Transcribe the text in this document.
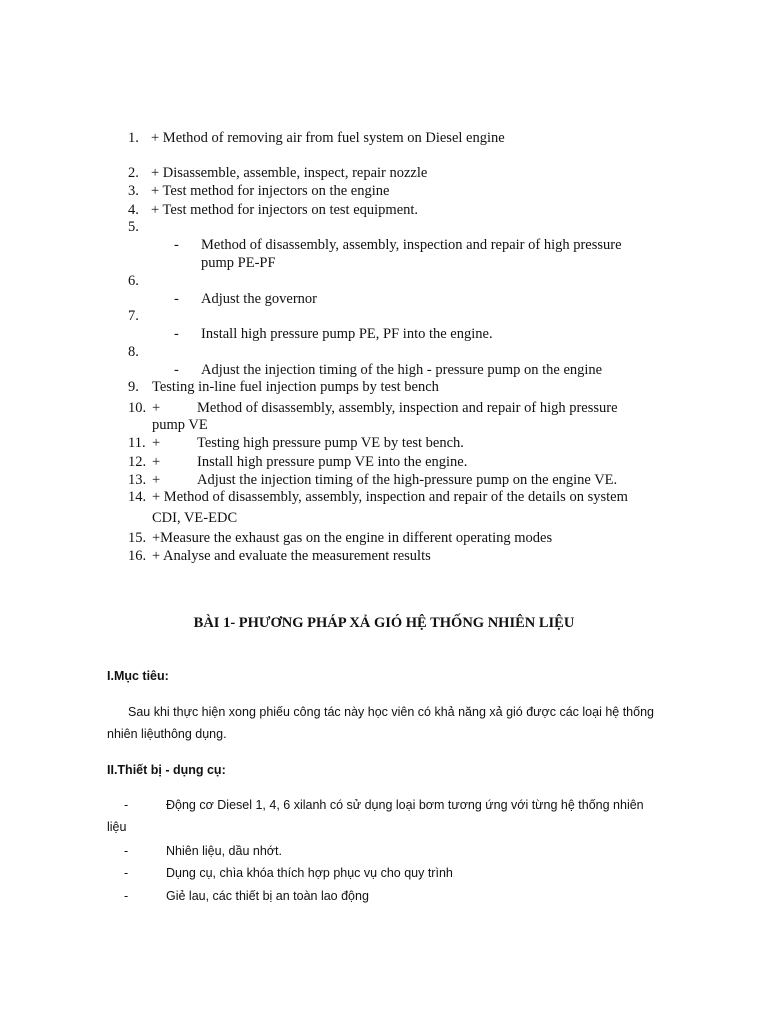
1. + Method of removing air from fuel system on Diesel engine
2. + Disassemble, assemble, inspect, repair nozzle
3. + Test method for injectors on the engine
4. + Test method for injectors on test equipment.
5.
- Method of disassembly, assembly, inspection and repair of high pressure
pump PE-PF
6.
- Adjust the governor
7.
- Install high pressure pump PE, PF into the engine.
8.
- Adjust the injection timing of the high - pressure pump on the engine
9. Testing in-line fuel injection pumps by test bench
10. +	Method of disassembly, assembly, inspection and repair of high pressure
pump VE
11. +	Testing high pressure pump VE by test bench.
12. +	Install high pressure pump VE into the engine.
13. +	Adjust the injection timing of the high-pressure pump on the engine VE.
14. + Method of disassembly, assembly, inspection and repair of the details on system
CDI, VE-EDC
15. +Measure the exhaust gas on the engine in different operating modes
16. + Analyse and evaluate the measurement results
BÀI 1- PHƯƠNG PHÁP XẢ GIÓ HỆ THỐNG NHIÊN LIỆU
I.Mục tiêu:
Sau khi thực hiện xong phiếu công tác này học viên có khả năng xả gió được các loại hệ thống
nhiên liệuthông dụng.
II.Thiết bị - dụng cụ:
-	Động cơ Diesel 1, 4, 6 xilanh có sử dụng loại bơm tương ứng với từng hệ thống nhiên
liệu
-	Nhiên liệu, dầu nhớt.
-	Dụng cụ, chìa khóa thích hợp phục vụ cho quy trình
-	Giẻ lau, các thiết bị an toàn lao động
